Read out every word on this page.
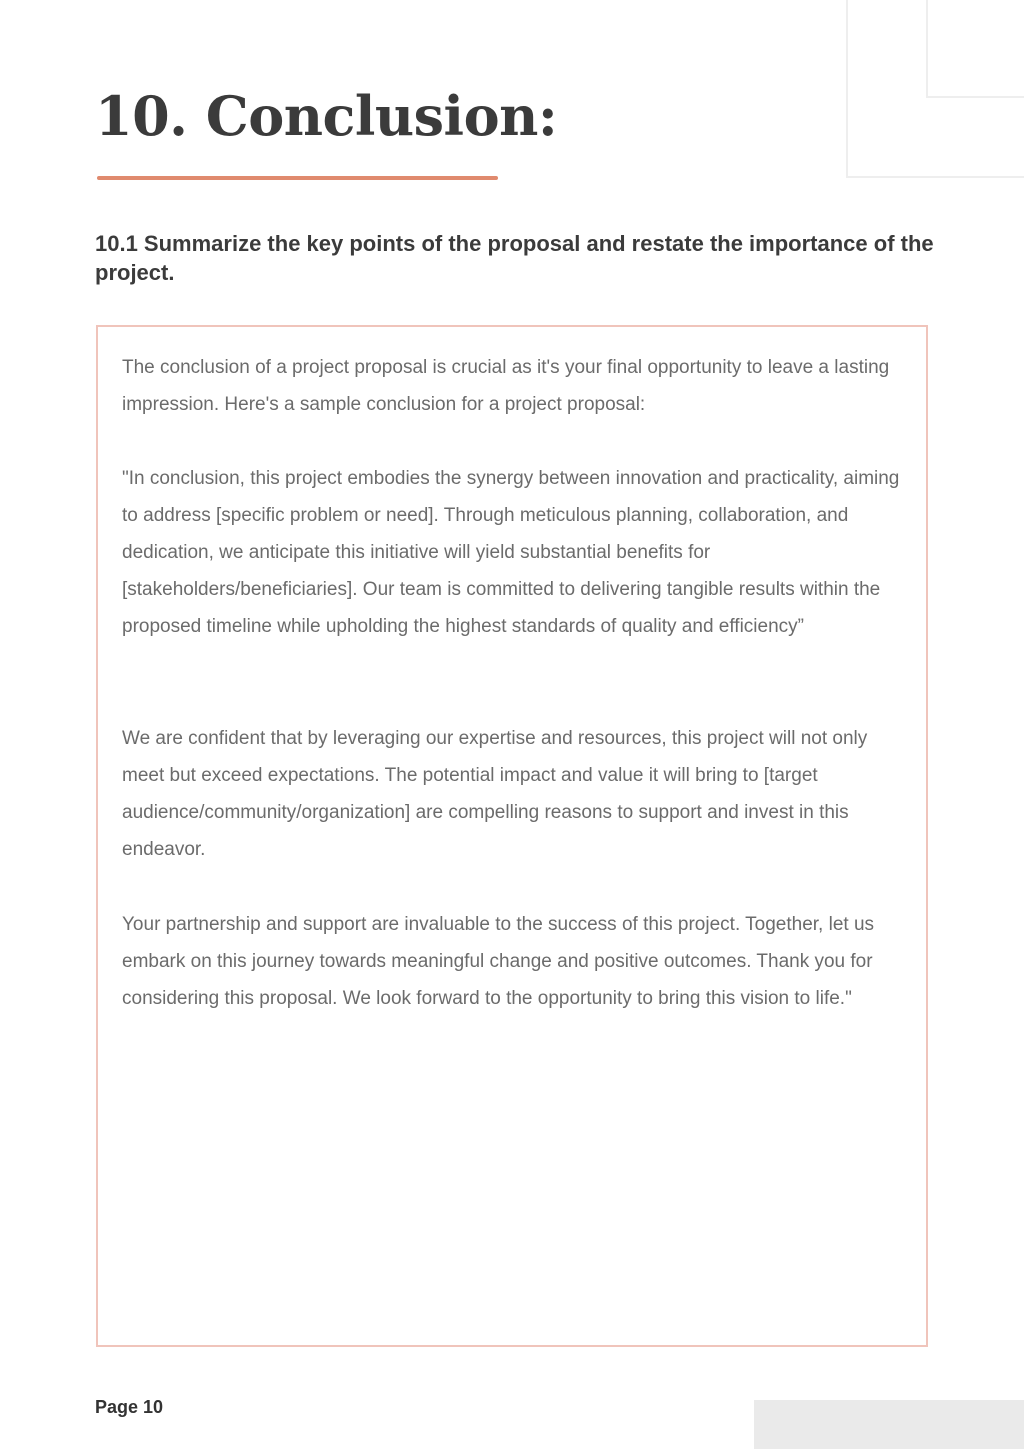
10. Conclusion:
10.1 Summarize the key points of the proposal and restate the importance of the project.

The conclusion of a project proposal is crucial as it's your final opportunity to leave a lasting impression. Here's a sample conclusion for a project proposal:

"In conclusion, this project embodies the synergy between innovation and practicality, aiming to address [specific problem or need]. Through meticulous planning, collaboration, and dedication, we anticipate this initiative will yield substantial benefits for [stakeholders/beneficiaries]. Our team is committed to delivering tangible results within the proposed timeline while upholding the highest standards of quality and efficiency”

We are confident that by leveraging our expertise and resources, this project will not only meet but exceed expectations. The potential impact and value it will bring to [target audience/community/organization] are compelling reasons to support and invest in this endeavor.

Your partnership and support are invaluable to the success of this project. Together, let us embark on this journey towards meaningful change and positive outcomes. Thank you for considering this proposal. We look forward to the opportunity to bring this vision to life."

Page 10
